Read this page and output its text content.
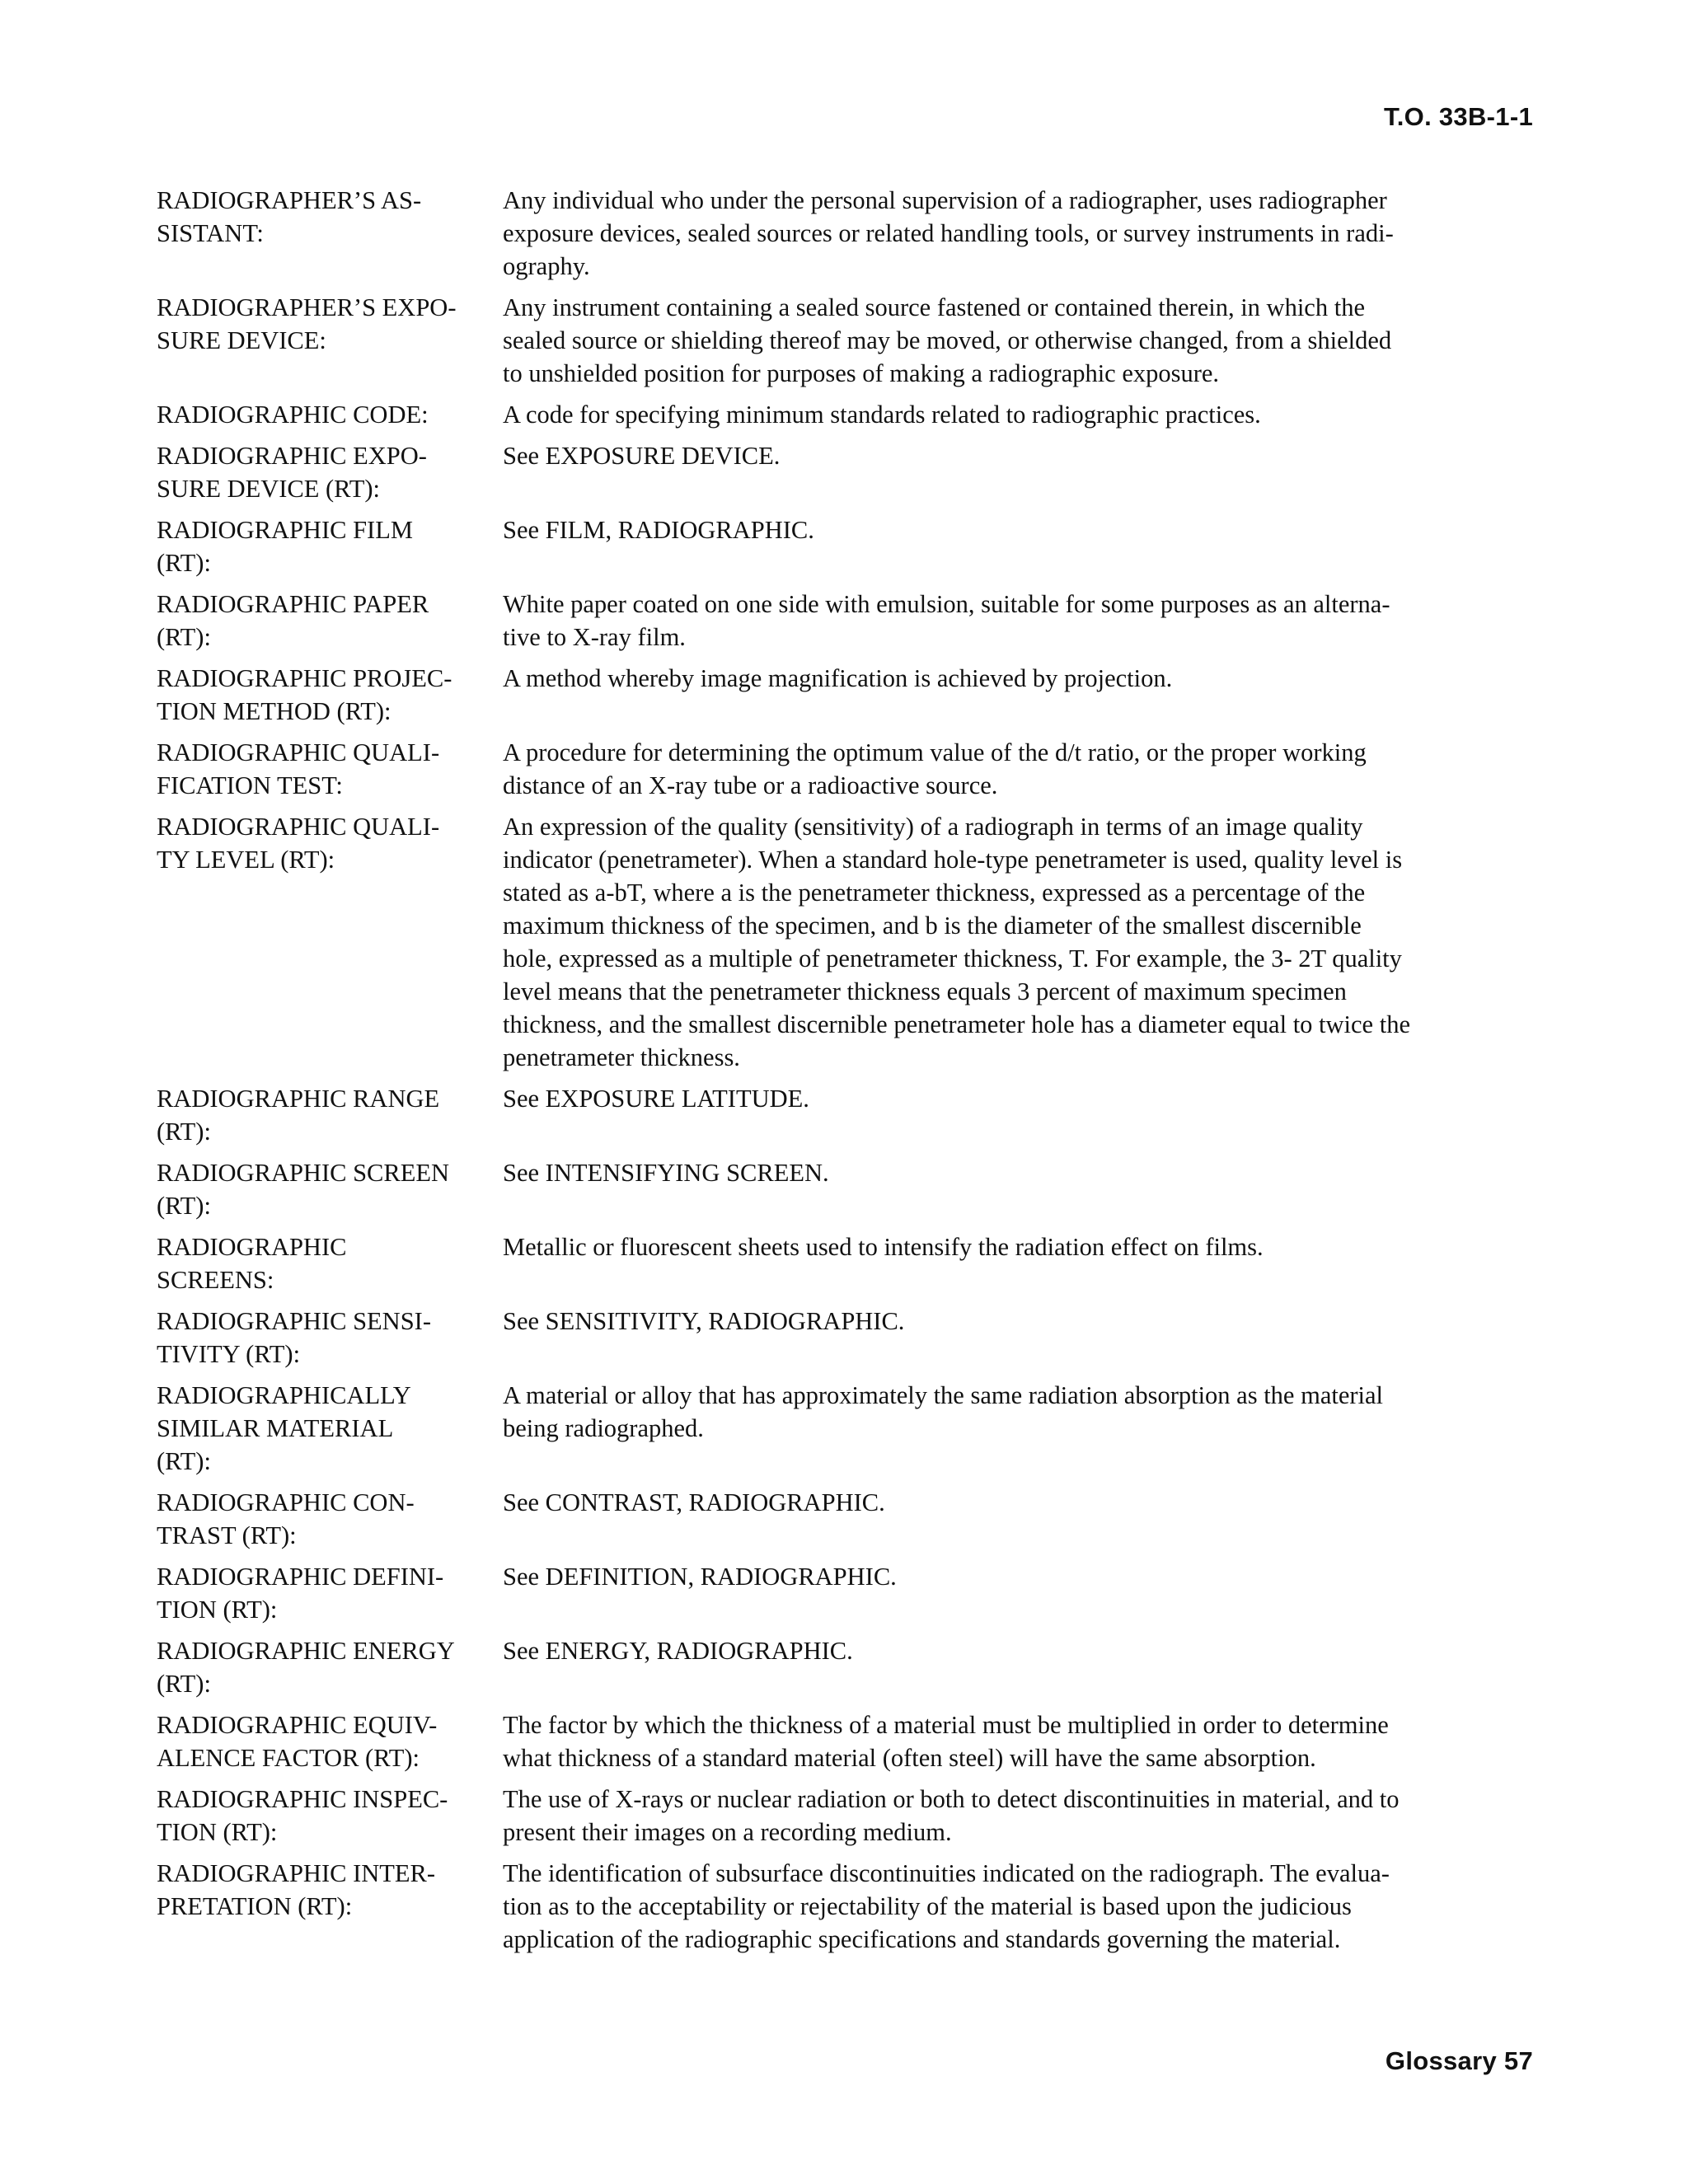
T.O. 33B-1-1
RADIOGRAPHER’S AS-
SISTANT:
Any individual who under the personal supervision of a radiographer, uses radiographer
exposure devices, sealed sources or related handling tools, or survey instruments in radi-
ography.
RADIOGRAPHER’S EXPO-
SURE DEVICE:
Any instrument containing a sealed source fastened or contained therein, in which the
sealed source or shielding thereof may be moved, or otherwise changed, from a shielded
to unshielded position for purposes of making a radiographic exposure.
RADIOGRAPHIC CODE:	A code for specifying minimum standards related to radiographic practices.
RADIOGRAPHIC EXPO-
SURE DEVICE (RT):
See EXPOSURE DEVICE.
RADIOGRAPHIC FILM
(RT):
See FILM, RADIOGRAPHIC.
RADIOGRAPHIC PAPER
(RT):
White paper coated on one side with emulsion, suitable for some purposes as an alterna-
tive to X-ray film.
RADIOGRAPHIC PROJEC-
TION METHOD (RT):
A method whereby image magnification is achieved by projection.
RADIOGRAPHIC QUALI-
FICATION TEST:
A procedure for determining the optimum value of the d/t ratio, or the proper working
distance of an X-ray tube or a radioactive source.
RADIOGRAPHIC QUALI-
TY LEVEL (RT):
An expression of the quality (sensitivity) of a radiograph in terms of an image quality
indicator (penetrameter). When a standard hole-type penetrameter is used, quality level is
stated as a-bT, where a is the penetrameter thickness, expressed as a percentage of the
maximum thickness of the specimen, and b is the diameter of the smallest discernible
hole, expressed as a multiple of penetrameter thickness, T. For example, the 3- 2T quality
level means that the penetrameter thickness equals 3 percent of maximum specimen
thickness, and the smallest discernible penetrameter hole has a diameter equal to twice the
penetrameter thickness.
RADIOGRAPHIC RANGE
(RT):
See EXPOSURE LATITUDE.
RADIOGRAPHIC SCREEN
(RT):
See INTENSIFYING SCREEN.
RADIOGRAPHIC
SCREENS:
Metallic or fluorescent sheets used to intensify the radiation effect on films.
RADIOGRAPHIC SENSI-
TIVITY (RT):
See SENSITIVITY, RADIOGRAPHIC.
RADIOGRAPHICALLY
SIMILAR MATERIAL
(RT):
A material or alloy that has approximately the same radiation absorption as the material
being radiographed.
RADIOGRAPHIC CON-
TRAST (RT):
See CONTRAST, RADIOGRAPHIC.
RADIOGRAPHIC DEFINI-
TION (RT):
See DEFINITION, RADIOGRAPHIC.
RADIOGRAPHIC ENERGY
(RT):
See ENERGY, RADIOGRAPHIC.
RADIOGRAPHIC EQUIV-
ALENCE FACTOR (RT):
The factor by which the thickness of a material must be multiplied in order to determine
what thickness of a standard material (often steel) will have the same absorption.
RADIOGRAPHIC INSPEC-
TION (RT):
The use of X-rays or nuclear radiation or both to detect discontinuities in material, and to
present their images on a recording medium.
RADIOGRAPHIC INTER-
PRETATION (RT):
The identification of subsurface discontinuities indicated on the radiograph. The evalua-
tion as to the acceptability or rejectability of the material is based upon the judicious
application of the radiographic specifications and standards governing the material.
Glossary 57
